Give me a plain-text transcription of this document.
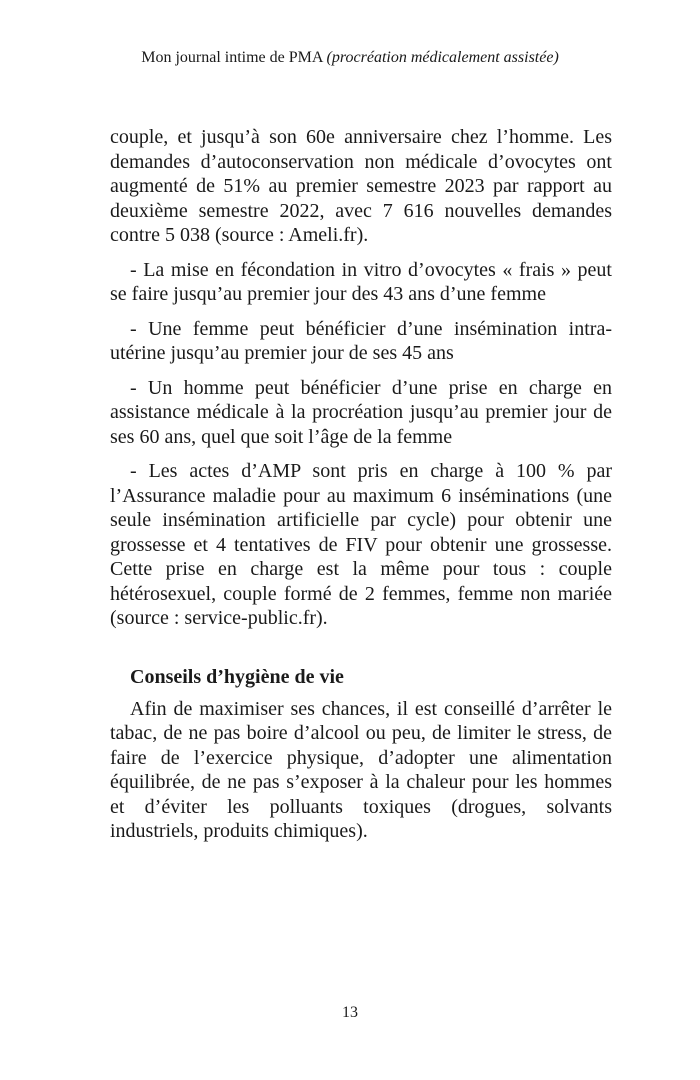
Mon journal intime de PMA (procréation médicalement assistée)

couple, et jusqu’à son 60e anniversaire chez l’homme. Les demandes d’autoconservation non médicale d’ovocytes ont augmenté de 51% au premier semestre 2023 par rapport au deuxième semestre 2022, avec 7 616 nouvelles demandes contre 5 038 (source : Ameli.fr).

- La mise en fécondation in vitro d’ovocytes « frais » peut se faire jusqu’au premier jour des 43 ans d’une femme

- Une femme peut bénéficier d’une insémination intra-utérine jusqu’au premier jour de ses 45 ans

- Un homme peut bénéficier d’une prise en charge en assistance médicale à la procréation jusqu’au premier jour de ses 60 ans, quel que soit l’âge de la femme

- Les actes d’AMP sont pris en charge à 100 % par l’Assurance maladie pour au maximum 6 inséminations (une seule insémination artificielle par cycle) pour obtenir une grossesse et 4 tentatives de FIV pour obtenir une grossesse. Cette prise en charge est la même pour tous : couple hétérosexuel, couple formé de 2 femmes, femme non mariée (source : service-public.fr).

Conseils d’hygiène de vie

Afin de maximiser ses chances, il est conseillé d’arrêter le tabac, de ne pas boire d’alcool ou peu, de limiter le stress, de faire de l’exercice physique, d’adopter une alimentation équilibrée, de ne pas s’exposer à la chaleur pour les hommes et d’éviter les polluants toxiques (drogues, solvants industriels, produits chimiques).

13
